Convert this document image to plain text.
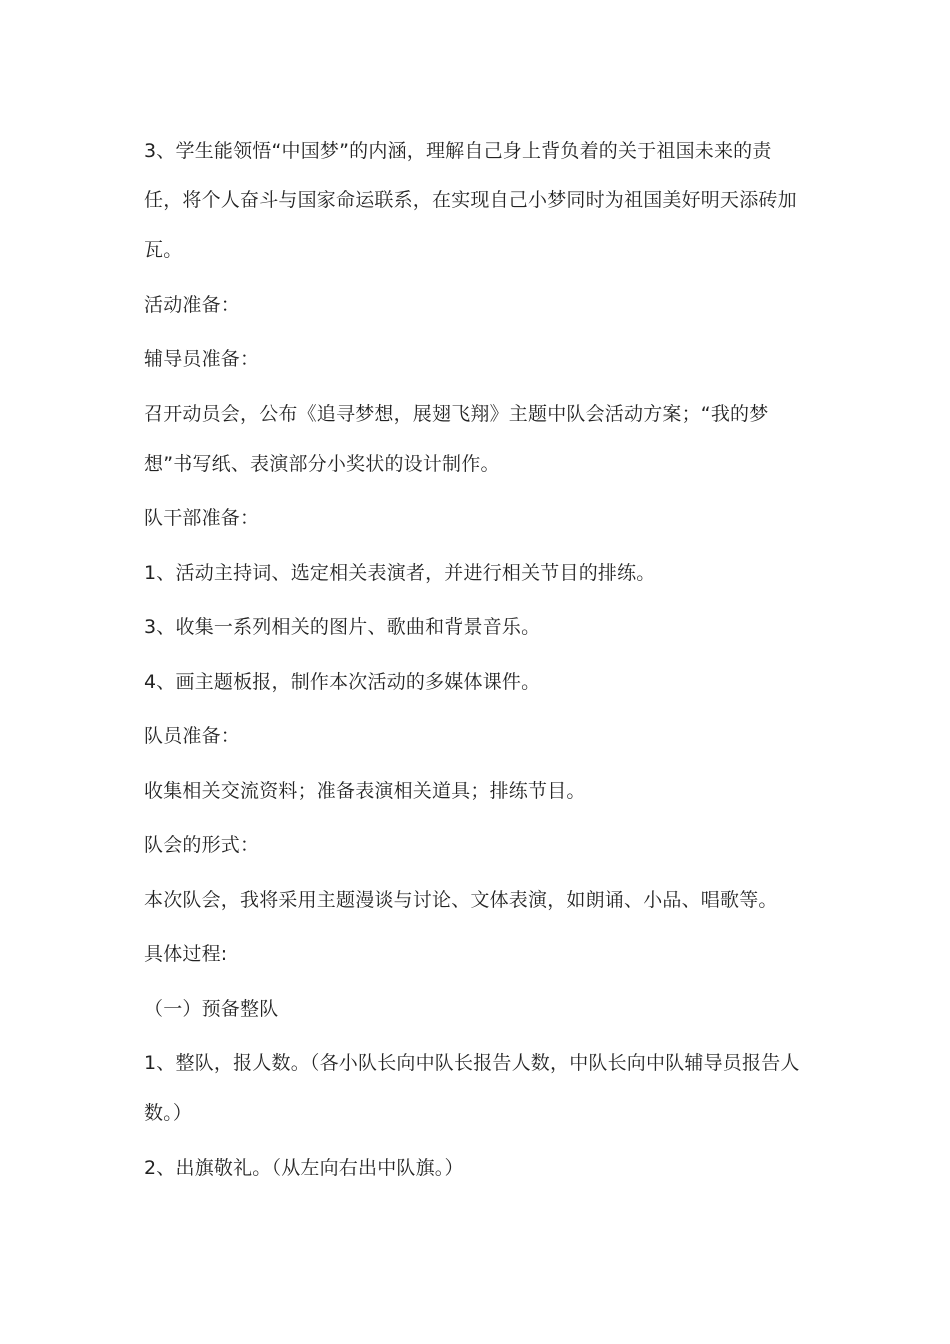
3、学生能领悟“中国梦”的内涵，理解自己身上背负着的关于祖国未来的责
任，将个人奋斗与国家命运联系，在实现自己小梦同时为祖国美好明天添砖加
瓦。
活动准备：
辅导员准备：
召开动员会，公布《追寻梦想，展翅飞翔》主题中队会活动方案；“我的梦
想”书写纸、表演部分小奖状的设计制作。
队干部准备：
1、活动主持词、选定相关表演者，并进行相关节目的排练。
3、收集一系列相关的图片、歌曲和背景音乐。
4、画主题板报，制作本次活动的多媒体课件。
队员准备：
收集相关交流资料；准备表演相关道具；排练节目。
队会的形式：
本次队会，我将采用主题漫谈与讨论、文体表演，如朗诵、小品、唱歌等。
具体过程:
（一）预备整队
1、整队，报人数。（各小队长向中队长报告人数，中队长向中队辅导员报告人
数。）
2、出旗敬礼。（从左向右出中队旗。）
